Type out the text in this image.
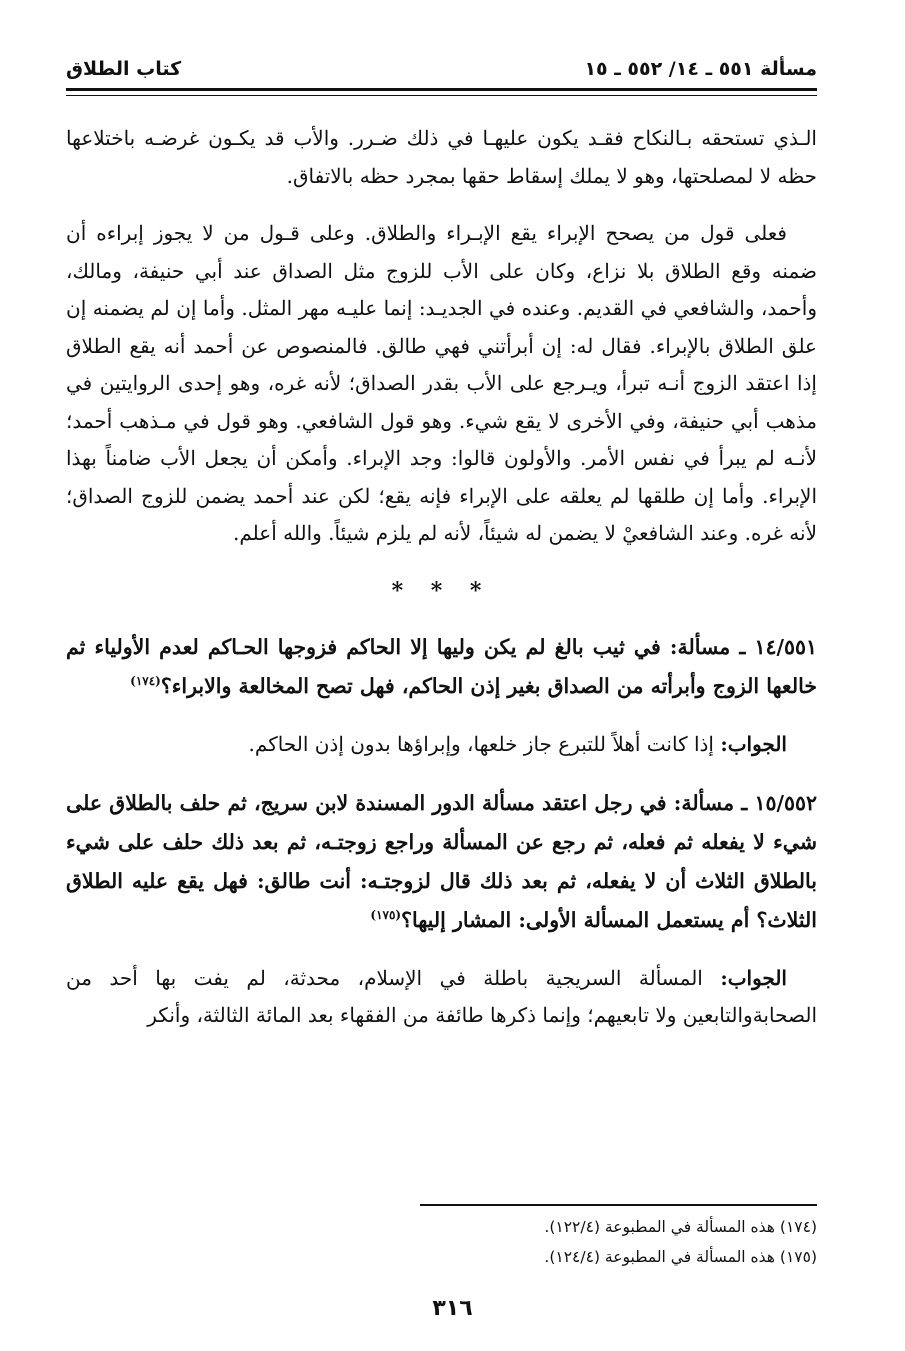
مسألة ٥٥١ ـ ١٤/ ٥٥٢ ـ ١٥
كتاب الطلاق

الـذي تستحقه بـالنكاح فقـد يكون عليهـا في ذلك ضـرر. والأب قد يكـون غرضـه باختلاعها حظه لا لمصلحتها، وهو لا يملك إسقاط حقها بمجرد حظه بالاتفاق.

فعلى قول من يصحح الإبراء يقع الإبـراء والطلاق. وعلى قـول من لا يجوز إبراءه أن ضمنه وقع الطلاق بلا نزاع، وكان على الأب للزوج مثل الصداق عند أبي حنيفة، ومالك، وأحمد، والشافعي في القديم. وعنده في الجديـد: إنما عليـه مهر المثل. وأما إن لم يضمنه إن علق الطلاق بالإبراء. فقال له: إن أبرأتني فهي طالق. فالمنصوص عن أحمد أنه يقع الطلاق إذا اعتقد الزوج أنـه تبرأ، ويـرجع على الأب بقدر الصداق؛ لأنه غره، وهو إحدى الروايتين في مذهب أبي حنيفة، وفي الأخرى لا يقع شيء. وهو قول الشافعي. وهو قول في مـذهب أحمد؛ لأنـه لم يبرأ في نفس الأمر. والأولون قالوا: وجد الإبراء. وأمكن أن يجعل الأب ضامناً بهذا الإبراء. وأما إن طلقها لم يعلقه على الإبراء فإنه يقع؛ لكن عند أحمد يضمن للزوج الصداق؛ لأنه غره. وعند الشافعيْ لا يضمن له شيئاً، لأنه لم يلزم شيئاً. والله أعلم.

* * *

١٤/٥٥١ ـ مسألة: في ثيب بالغ لم يكن وليها إلا الحاكم فزوجها الحـاكم لعدم الأولياء ثم خالعها الزوج وأبرأته من الصداق بغير إذن الحاكم، فهل تصح المخالعة والابراء؟$^{(١٧٤)}$

الجواب: إذا كانت أهلاً للتبرع جاز خلعها، وإبراؤها بدون إذن الحاكم.

١٥/٥٥٢ ـ مسألة: في رجل اعتقد مسألة الدور المسندة لابن سريج، ثم حلف بالطلاق على شيء لا يفعله ثم فعله، ثم رجع عن المسألة وراجع زوجتـه، ثم بعد ذلك حلف على شيء بالطلاق الثلاث أن لا يفعله، ثم بعد ذلك قال لزوجتـه: أنت طالق: فهل يقع عليه الطلاق الثلاث؟ أم يستعمل المسألة الأولى: المشار إليها؟$^{(١٧٥)}$

الجواب: المسألة السريجية باطلة في الإسلام، محدثة، لم يفت بها أحد من الصحابةوالتابعين ولا تابعيهم؛ وإنما ذكرها طائفة من الفقهاء بعد المائة الثالثة، وأنكر

(١٧٤) هذه المسألة في المطبوعة (١٢٢/٤).
(١٧٥) هذه المسألة في المطبوعة (١٢٤/٤).
٣١٦
